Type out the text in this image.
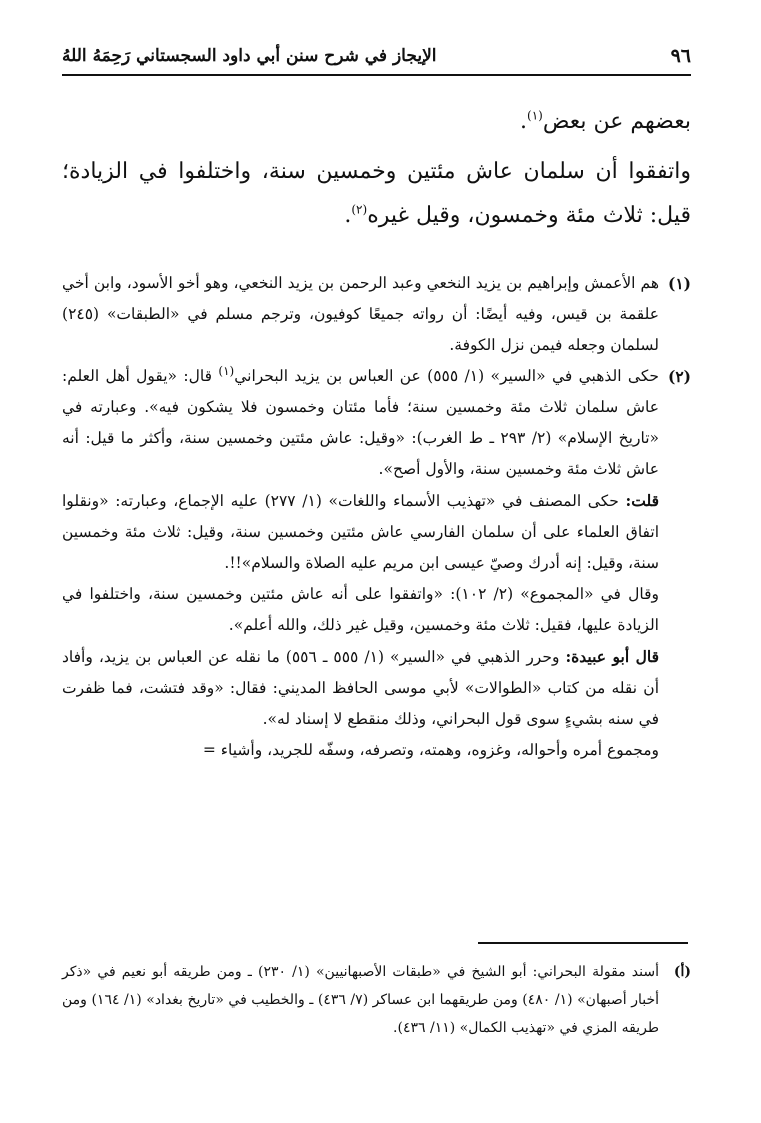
٩٦
الإيجاز في شرح سنن أبي داود السجستاني رَحِمَهُ اللهُ

بعضهم عن بعض$^{(١)}$.

واتفقوا أن سلمان عاش مئتين وخمسين سنة، واختلفوا في الزيادة؛ قيل: ثلاث مئة وخمسون، وقيل غيره$^{(٢)}$.

(١)

هم الأعمش وإبراهيم بن يزيد النخعي وعبد الرحمن بن يزيد النخعي، وهو أخو الأسود، وابن أخي علقمة بن قيس، وفيه أيضًا: أن رواته جميعًا كوفيون، وترجم مسلم في «الطبقات» (٢٤٥) لسلمان وجعله فيمن نزل الكوفة.

(٢)

حكى الذهبي في «السير» (١/ ٥٥٥) عن العباس بن يزيد البحراني$^{(١)}$ قال: «يقول أهل العلم: عاش سلمان ثلاث مئة وخمسين سنة؛ فأما مئتان وخمسون فلا يشكون فيه». وعبارته في «تاريخ الإسلام» (٢/ ٢٩٣ ـ ط الغرب): «وقيل: عاش مئتين وخمسين سنة، وأكثر ما قيل: أنه عاش ثلاث مئة وخمسين سنة، والأول أصح».

قلت: حكى المصنف في «تهذيب الأسماء واللغات» (١/ ٢٧٧) عليه الإجماع، وعبارته: «ونقلوا اتفاق العلماء على أن سلمان الفارسي عاش مئتين وخمسين سنة، وقيل: ثلاث مئة وخمسين سنة، وقيل: إنه أدرك وصيّ عيسى ابن مريم عليه الصلاة والسلام»!!.

وقال في «المجموع» (٢/ ١٠٢): «واتفقوا على أنه عاش مئتين وخمسين سنة، واختلفوا في الزيادة عليها، فقيل: ثلاث مئة وخمسين، وقيل غير ذلك، والله أعلم».

قال أبو عبيدة: وحرر الذهبي في «السير» (١/ ٥٥٥ ـ ٥٥٦) ما نقله عن العباس بن يزيد، وأفاد أن نقله من كتاب «الطوالات» لأبي موسى الحافظ المديني: فقال: «وقد فتشت، فما ظفرت في سنه بشيءٍ سوى قول البحراني، وذلك منقطع لا إسناد له».

ومجموع أمره وأحواله، وغزوه، وهمته، وتصرفه، وسفّه للجريد، وأشياء =

(أ)

أسند مقولة البحراني: أبو الشيخ في «طبقات الأصبهانيين» (١/ ٢٣٠) ـ ومن طريقه أبو نعيم في «ذكر أخبار أصبهان» (١/ ٤٨٠) ومن طريقهما ابن عساكر (٧/ ٤٣٦) ـ والخطيب في «تاريخ بغداد» (١/ ١٦٤) ومن طريقه المزي في «تهذيب الكمال» (١١/ ٤٣٦).
